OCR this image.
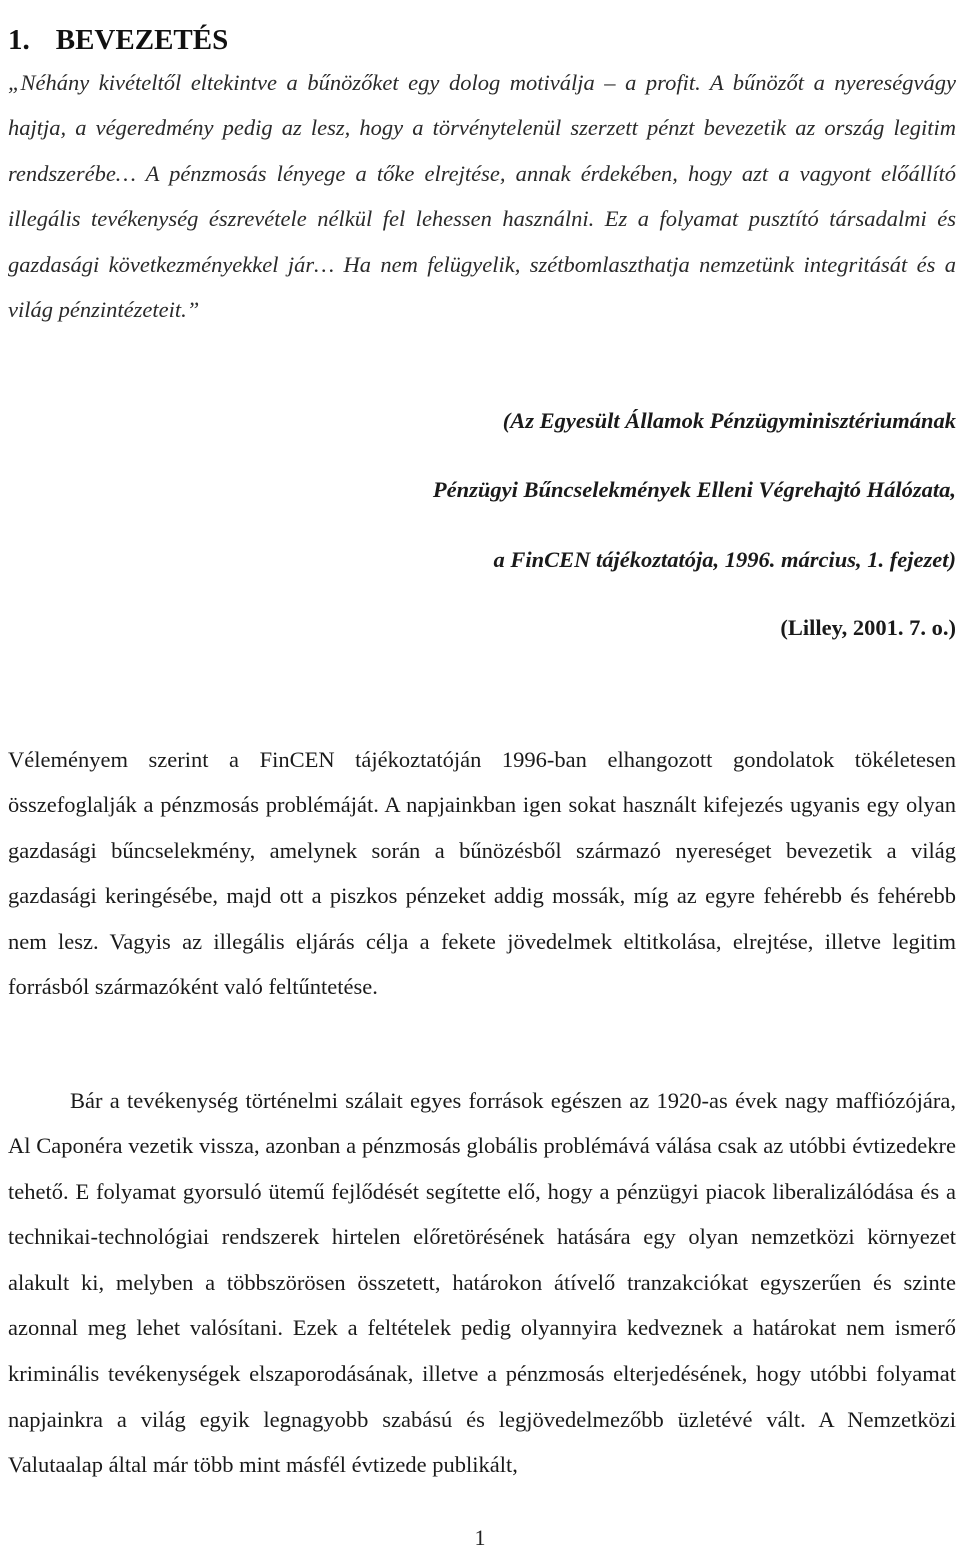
1. BEVEZETÉS
„Néhány kivételtől eltekintve a bűnözőket egy dolog motiválja – a profit. A bűnözőt a nyereségvágy hajtja, a végeredmény pedig az lesz, hogy a törvénytelenül szerzett pénzt bevezetik az ország legitim rendszerébe… A pénzmosás lényege a tőke elrejtése, annak érdekében, hogy azt a vagyont előállító illegális tevékenység észrevétele nélkül fel lehessen használni. Ez a folyamat pusztító társadalmi és gazdasági következményekkel jár… Ha nem felügyelik, szétbomlaszthatja nemzetünk integritását és a világ pénzintézeteit.”
(Az Egyesült Államok Pénzügyminisztériumának
Pénzügyi Bűncselekmények Elleni Végrehajtó Hálózata,
a FinCEN tájékoztatója, 1996. március, 1. fejezet)
(Lilley, 2001. 7. o.)

Véleményem szerint a FinCEN tájékoztatóján 1996-ban elhangozott gondolatok tökéletesen összefoglalják a pénzmosás problémáját. A napjainkban igen sokat használt kifejezés ugyanis egy olyan gazdasági bűncselekmény, amelynek során a bűnözésből származó nyereséget bevezetik a világ gazdasági keringésébe, majd ott a piszkos pénzeket addig mossák, míg az egyre fehérebb és fehérebb nem lesz. Vagyis az illegális eljárás célja a fekete jövedelmek eltitkolása, elrejtése, illetve legitim forrásból származóként való feltűntetése.

Bár a tevékenység történelmi szálait egyes források egészen az 1920-as évek nagy maffiózójára, Al Caponéra vezetik vissza, azonban a pénzmosás globális problémává válása csak az utóbbi évtizedekre tehető. E folyamat gyorsuló ütemű fejlődését segítette elő, hogy a pénzügyi piacok liberalizálódása és a technikai-technológiai rendszerek hirtelen előretörésének hatására egy olyan nemzetközi környezet alakult ki, melyben a többszörösen összetett, határokon átívelő tranzakciókat egyszerűen és szinte azonnal meg lehet valósítani. Ezek a feltételek pedig olyannyira kedveznek a határokat nem ismerő kriminális tevékenységek elszaporodásának, illetve a pénzmosás elterjedésének, hogy utóbbi folyamat napjainkra a világ egyik legnagyobb szabású és legjövedelmezőbb üzletévé vált. A Nemzetközi Valutaalap által már több mint másfél évtizede publikált,

1
